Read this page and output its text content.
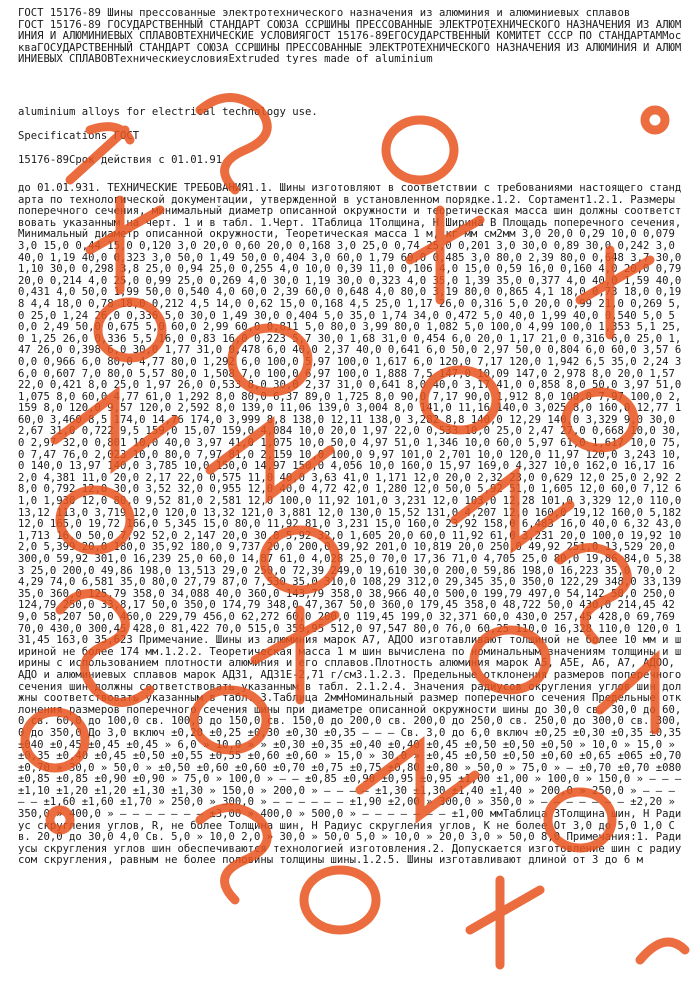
ГОСТ 15176-89 Шины прессованные электротехнического назначения из алюминия и алюминиевых сплавов
ГОСТ 15176-89 ГОСУДАРСТВЕННЫЙ СТАНДАРТ СОЮЗА ССРШИНЫ ПРЕССОВАННЫЕ ЭЛЕКТРОТЕХНИЧЕСКОГО НАЗНАЧЕНИЯ ИЗ АЛЮМИНИЯ И АЛЮМИНИЕВЫХ СПЛАВОВТЕХНИЧЕСКИЕ УСЛОВИЯГОСТ 15176-89ЕГОСУДАРСТВЕННЫЙ КОМИТЕТ СССР ПО СТАНДАРТАММоскваГОСУДАРСТВЕННЫЙ СТАНДАРТ СОЮЗА ССРШИНЫ ПРЕССОВАННЫЕ ЭЛЕКТРОТЕХНИЧЕСКОГО НАЗНАЧЕНИЯ ИЗ АЛЮМИНИЯ И АЛЮМИНИЕВЫХ СПЛАВОВТехническиеусловияExtruded tyres made of aluminium
aluminium alloys for electrical technology use.
Specifications ГОСТ
15176-89Срок действия с 01.01.91
до 01.01.931. ТЕХНИЧЕСКИЕ ТРЕБОВАНИЯ1.1. Шины изготовляют в соответствии с требованиями настоящего стандарта по технологической документации, утвержденной в установленном порядке.1.2. Сортамент1.2.1. Размеры поперечного сечения, минимальный диаметр описанной окружности и теоретическая масса шин должны соответствовать указанным на черт. 1 и в табл. 1.Черт. 1Таблица 1Толщина, Н Ширина В Площадь поперечного сечения, Минимальный диаметр описанной окружности, Теоретическая масса 1 м, кг мм см2мм 3,0 20,0 0,29 10,0 0,079 3,0 15,0 0,44 15,0 0,120 3,0 20,0 0,60 20,0 0,168 3,0 25,0 0,74 25,0 0,201 3,0 30,0 0,89 30,0 0,242 3,0 40,0 1,19 40,0 0,323 3,0 50,0 1,49 50,0 0,404 3,0 60,0 1,79 60,0 0,485 3,0 80,0 2,39 80,0 0,648 3,7 30,0 1,10 30,0 0,298 3,8 25,0 0,94 25,0 0,255 4,0 10,0 0,39 11,0 0,106 4,0 15,0 0,59 16,0 0,160 4,0 20,0 0,79 20,0 0,214 4,0 25,0 0,99 25,0 0,269 4,0 30,0 1,19 30,0 0,323 4,0 35,0 1,39 35,0 0,377 4,0 40,0 1,59 40,0 0,431 4,0 50,0 1,99 50,0 0,540 4,0 60,0 2,39 60,0 0,648 4,0 80,0 3,19 80,0 0,865 4,1 18,0 0,73 18,0 0,198 4,4 18,0 0,78 18,0 0,212 4,5 14,0 0,62 15,0 0,168 4,5 25,0 1,17 26,0 0,316 5,0 20,0 0,99 21,0 0,269 5,0 25,0 1,24 26,0 0,336 5,0 30,0 1,49 30,0 0,404 5,0 35,0 1,74 34,0 0,472 5,0 40,0 1,99 40,0 0,540 5,0 50,0 2,49 50,0 0,675 5,0 60,0 2,99 60,0 0,811 5,0 80,0 3,99 80,0 1,082 5,0 100,0 4,99 100,0 1,353 5,1 25,0 1,25 26,0 0,336 5,5 16,0 0,83 16,0 0,223 5,7 30,0 1,68 31,0 0,454 6,0 20,0 1,17 21,0 0,316 6,0 25,0 1,47 26,0 0,398 6,0 30,0 1,77 31,0 0,478 6,0 40,0 2,37 40,0 0,641 6,0 50,0 2,97 50,0 0,804 6,0 60,0 3,57 60,0 0,966 6,0 80,0 4,77 80,0 1,292 6,0 100,0 5,97 100,0 1,617 6,0 120,0 7,17 120,0 1,942 6,5 35,0 2,24 36,0 0,607 7,0 80,0 5,57 80,0 1,508 7,0 100,0 6,97 100,0 1,888 7,5 147,0 10,09 147,0 2,978 8,0 20,0 1,57 22,0 0,421 8,0 25,0 1,97 26,0 0,533 8,0 30,0 2,37 31,0 0,641 8,0 40,0 3,17 41,0 0,858 8,0 50,0 3,97 51,0 1,075 8,0 60,0 4,77 61,0 1,292 8,0 80,0 6,37 89,0 1,725 8,0 90,0 7,17 90,0 1,912 8,0 100,0 7,97 100,0 2,159 8,0 120,0 9,57 120,0 2,592 8,0 139,0 11,06 139,0 3,004 8,0 141,0 11,16 140,0 3,025 8,0 160,0 12,77 160,0 3,460 8,5 174,0 14,76 174,0 3,999 8,8 138,0 12,11 138,0 3,282 8,8 140,0 12,29 140,0 3,329 9,0 30,0 2,67 31,0 0,722 9,5 159,0 15,07 159,0 4,084 10,0 20,0 1,97 22,0 0,533 10,0 25,0 2,47 27,0 0,668 10,0 30,0 2,97 32,0 0,801 10,0 40,0 3,97 41,0 1,075 10,0 50,0 4,97 51,0 1,346 10,0 60,0 5,97 61,0 1,617 10,0 75,0 7,47 76,0 2,023 10,0 80,0 7,97 81,0 2,159 10,0 100,0 9,97 101,0 2,701 10,0 120,0 11,97 120,0 3,243 10,0 140,0 13,97 140,0 3,785 10,0 150,0 14,97 150,0 4,056 10,0 160,0 15,97 169,0 4,327 10,0 162,0 16,17 162,0 4,381 11,0 20,0 2,17 22,0 0,575 11,0 40,0 3,63 41,0 1,171 12,0 20,0 2,32 23,0 0,629 12,0 25,0 2,92 28,0 0,792 12,0 30,0 3,52 32,0 0,955 12,0 40,0 4,72 42,0 1,280 12,0 50,0 5,92 51,0 1,605 12,0 60,0 7,12 61,0 1,930 12,0 80,0 9,52 81,0 2,581 12,0 100,0 11,92 101,0 3,231 12,0 103,0 12,28 101,0 3,329 12,0 110,0 13,12 113,0 3,719 12,0 120,0 13,32 121,0 3,881 12,0 130,0 15,52 131,0 4,207 12,0 160,0 19,12 160,0 5,182 12,0 165,0 19,72 166,0 5,345 15,0 80,0 11,92 81,0 3,231 15,0 160,0 23,92 158,0 6,483 16,0 40,0 6,32 43,0 1,713 16,0 50,0 7,92 52,0 2,147 20,0 30,0 5,92 32,0 1,605 20,0 60,0 11,92 61,0 3,231 20,0 100,0 19,92 102,0 5,399 20,0 180,0 35,92 180,0 9,737 20,0 200,0 39,92 201,0 10,819 20,0 250,0 49,92 251,0 13,529 20,0 300,0 59,92 301,0 16,239 25,0 60,0 14,87 61,0 4,028 25,0 70,0 17,36 71,0 4,705 25,0 80,0 19,86 84,0 5,383 25,0 200,0 49,86 198,0 13,513 29,0 250,0 72,39 249,0 19,610 30,0 200,0 59,86 198,0 16,223 35,0 70,0 24,29 74,0 6,581 35,0 80,0 27,79 87,0 7,530 35,0 310,0 108,29 312,0 29,345 35,0 350,0 122,29 348,0 33,139 35,0 360,0 125,79 358,0 34,088 40,0 360,0 143,79 358,0 38,966 40,0 500,0 199,79 497,0 54,142 50,0 250,0 124,79 250,0 33,8,17 50,0 350,0 174,79 348,0 47,367 50,0 360,0 179,45 358,0 48,722 50,0 430,0 214,45 429,0 58,207 50,0 460,0 229,79 456,0 62,272 60,0 200,0 119,45 199,0 32,371 60,0 430,0 257,45 428,0 69,769 70,0 430,0 300,45 428,0 81,422 70,0 515,0 359,95 512,0 97,547 80,0 76,0 60,25 110,0 16,328 110,0 120,0 131,45 163,0 35,623 Примечание. Шины из алюминия марок А7, АДОО изготавливают толщиной не более 10 мм и шириной не более 174 мм.1.2.2. Теоретическая масса 1 м шин вычислена по номинальным значениям толщины и ширины с использованием плотности алюминия и его сплавов.Плотность алюминия марок А5, А5Е, А6, А7, АДОО, АДО и алюминиевых сплавов марок АД31, АД31Е-2,71 г/см3.1.2.3. Предельные отклонения размеров поперечного сечения шин должны соответствовать указанным в табл. 2.1.2.4. Значения радиусов округления углов шин должны соответствовать указанным в табл. 3.Таблица 2ммНоминальный размер поперечного сечения Предельные отклонения размеров поперечного сечения шины при диаметре описанной окружности шины до 30,0 св. 30,0 до 60,0 св. 60,0 до 100,0 св. 100,0 до 150,0 св. 150,0 до 200,0 св. 200,0 до 250,0 св. 250,0 до 300,0 св. 300,0 до 350,0 До 3,0 включ ±0,20 ±0,25 ±0,30 ±0,30 ±0,35 — — — Св. 3,0 до 6,0 включ ±0,25 ±0,30 ±0,35 ±0,35 ±040 ±0,45 ±0,45 ±0,45 » 6,0 » 10,0 » » ±0,30 ±0,35 ±0,40 ±0,40 ±0,45 ±0,50 ±0,50 ±0,50 » 10,0 » 15,0 » ±0,35 ±0,40 ±0,45 ±0,50 ±0,55 ±0,55 ±0,60 ±0,60 » 15,0 » 30,0 » ±0,45 ±0,50 ±0,50 ±0,60 ±0,65 ±065 ±0,70 ±0,70 » 30,0 » 50,0 » ±0,50 ±0,60 ±0,60 ±0,70 ±0,75 ±0,75 ±0,80 ±0,80 » 50,0 » 75,0 » — ±0,70 ±0,70 ±080 ±0,85 ±0,85 ±0,90 ±0,90 » 75,0 » 100,0 » — — ±0,85 ±0,90 ±0,95 ±0,95 ±1,00 ±1,00 » 100,0 » 150,0 » — — — ±1,10 ±1,20 ±1,20 ±1,30 ±1,30 » 150,0 » 200,0 » — — — — ±1,30 ±1,30 ±1,40 ±1,40 » 200,0 » 250,0 » — — — — — ±1,60 ±1,60 ±1,70 » 250,0 » 300,0 » — — — — — — ±1,90 ±2,00 » 300,0 » 350,0 » — — — — — — — ±2,20 » 350,0 » 400,0 » — — — — — — — ±3,00 » 400,0 » 500,0 » — — — — — — — ±1,00 ммТаблица 3Толщина шин, Н Радиус скругления углов, R, не более Толщина шин, Н Радиус скругления углов, К не более От 3,0 до 5,0 1,0 Св. 20,0 до 30,0 4,0 Св. 5,0 » 10,0 2,0 » 30,0 » 50,0 5,0 » 10,0 » 20,0 3,0 » 50,0 8,0 Примечания:1. Радиусы скругления углов шин обеспечиваются технологией изготовления.2. Допускается изготовление шин с радиусом скругления, равным не более половины толщины шины.1.2.5. Шины изготавливают длиной от 3 до 6 м
